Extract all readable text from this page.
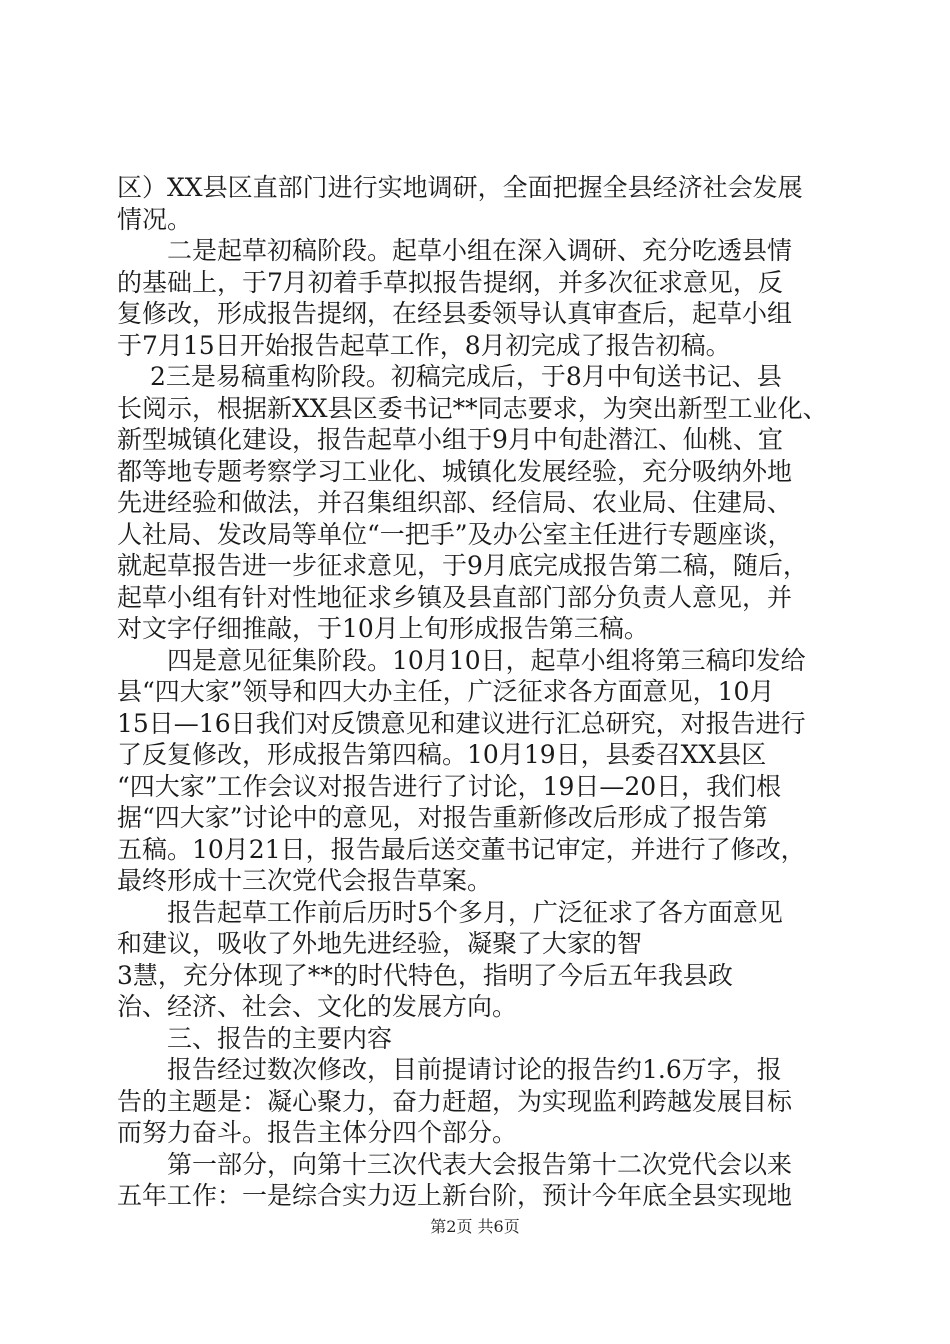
区）XX县区直部门进行实地调研，全面把握全县经济社会发展
情况。
　　二是起草初稿阶段。起草小组在深入调研、充分吃透县情
的基础上，于7月初着手草拟报告提纲，并多次征求意见，反
复修改，形成报告提纲，在经县委领导认真审查后，起草小组
于7月15日开始报告起草工作，8月初完成了报告初稿。
　 2三是易稿重构阶段。初稿完成后，于8月中旬送书记、县
长阅示，根据新XX县区委书记**同志要求，为突出新型工业化、
新型城镇化建设，报告起草小组于9月中旬赴潜江、仙桃、宜
都等地专题考察学习工业化、城镇化发展经验，充分吸纳外地
先进经验和做法，并召集组织部、经信局、农业局、住建局、
人社局、发改局等单位“一把手”及办公室主任进行专题座谈，
就起草报告进一步征求意见，于9月底完成报告第二稿，随后，
起草小组有针对性地征求乡镇及县直部门部分负责人意见，并
对文字仔细推敲，于10月上旬形成报告第三稿。
　　四是意见征集阶段。10月10日，起草小组将第三稿印发给
县“四大家”领导和四大办主任，广泛征求各方面意见，10月
15日—16日我们对反馈意见和建议进行汇总研究，对报告进行
了反复修改，形成报告第四稿。10月19日，县委召XX县区
“四大家”工作会议对报告进行了讨论，19日—20日，我们根
据“四大家”讨论中的意见，对报告重新修改后形成了报告第
五稿。10月21日，报告最后送交董书记审定，并进行了修改，
最终形成十三次党代会报告草案。
　　报告起草工作前后历时5个多月，广泛征求了各方面意见
和建议，吸收了外地先进经验，凝聚了大家的智
3慧，充分体现了**的时代特色，指明了今后五年我县政
治、经济、社会、文化的发展方向。
　　三、报告的主要内容
　　报告经过数次修改，目前提请讨论的报告约1.6万字，报
告的主题是：凝心聚力，奋力赶超，为实现监利跨越发展目标
而努力奋斗。报告主体分四个部分。
　　第一部分，向第十三次代表大会报告第十二次党代会以来
五年工作：一是综合实力迈上新台阶，预计今年底全县实现地
第2页 共6页
